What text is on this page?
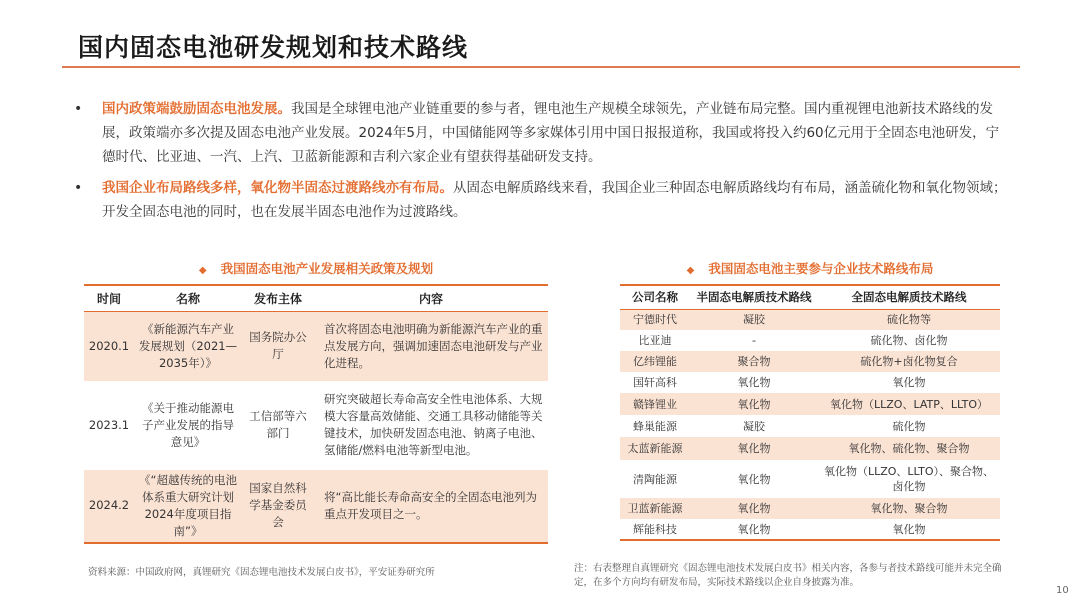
国内固态电池研发规划和技术路线
• 国内政策端鼓励固态电池发展。我国是全球锂电池产业链重要的参与者，锂电池生产规模全球领先，产业链布局完整。国内重视锂电池新技术路线的发展，政策端亦多次提及固态电池产业发展。2024年5月，中国储能网等多家媒体引用中国日报报道称，我国或将投入约60亿元用于全固态电池研发，宁德时代、比亚迪、一汽、上汽、卫蓝新能源和吉利六家企业有望获得基础研发支持。
• 我国企业布局路线多样，氧化物半固态过渡路线亦有布局。从固态电解质路线来看，我国企业三种固态电解质路线均有布局，涵盖硫化物和氧化物领域；开发全固态电池的同时，也在发展半固态电池作为过渡路线。
◆ 我国固态电池产业发展相关政策及规划
时间	名称	发布主体	内容
2020.1	《新能源汽车产业发展规划（2021—2035年）》	国务院办公厅	首次将固态电池明确为新能源汽车产业的重点发展方向，强调加速固态电池研发与产业化进程。
2023.1	《关于推动能源电子产业发展的指导意见》	工信部等六部门	研究突破超长寿命高安全性电池体系、大规模大容量高效储能、交通工具移动储能等关键技术，加快研发固态电池、钠离子电池、氢储能/燃料电池等新型电池。
2024.2	《“超越传统的电池体系重大研究计划2024年度项目指南”》	国家自然科学基金委员会	将“高比能长寿命高安全的全固态电池列为重点开发项目之一。
◆ 我国固态电池主要参与企业技术路线布局
公司名称	半固态电解质技术路线	全固态电解质技术路线
宁德时代	凝胶	硫化物等
比亚迪	-	硫化物、卤化物
亿纬锂能	聚合物	硫化物+卤化物复合
国轩高科	氧化物	氧化物
赣锋锂业	氧化物	氧化物（LLZO、LATP、LLTO）
蜂巢能源	凝胶	硫化物
太蓝新能源	氧化物	氧化物、硫化物、聚合物
清陶能源	氧化物	氧化物（LLZO、LLTO）、聚合物、卤化物
卫蓝新能源	氧化物	氧化物、聚合物
辉能科技	氧化物	氧化物
资料来源：中国政府网，真锂研究《固态锂电池技术发展白皮书》，平安证券研究所	注：右表整理自真锂研究《固态锂电池技术发展白皮书》相关内容，各参与者技术路线可能并未完全确定，在多个方向均有研发布局，实际技术路线以企业自身披露为准。
10
